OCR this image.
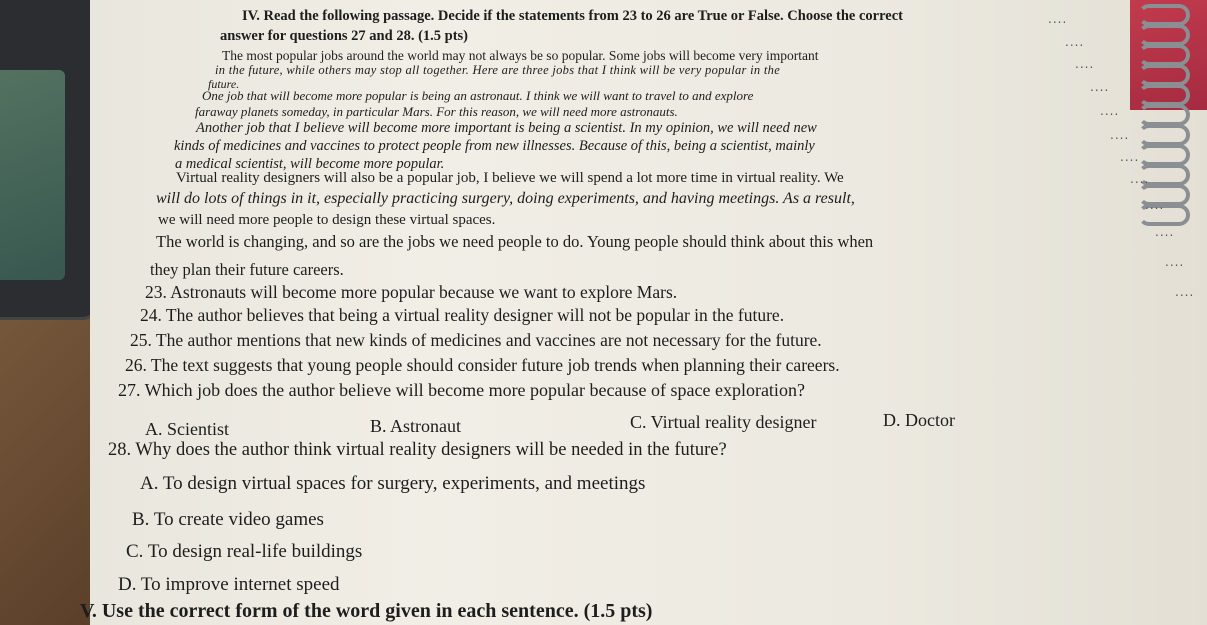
IV. Read the following passage. Decide if the statements from 23 to 26 are True or False. Choose the correct
answer for questions 27 and 28. (1.5 pts)
The most popular jobs around the world may not always be so popular. Some jobs will become very important
in the future, while others may stop all together. Here are three jobs that I think will be very popular in the
future.
One job that will become more popular is being an astronaut. I think we will want to travel to and explore
faraway planets someday, in particular Mars. For this reason, we will need more astronauts.
Another job that I believe will become more important is being a scientist. In my opinion, we will need new
kinds of medicines and vaccines to protect people from new illnesses. Because of this, being a scientist, mainly
a medical scientist, will become more popular.
Virtual reality designers will also be a popular job, I believe we will spend a lot more time in virtual reality. We
will do lots of things in it, especially practicing surgery, doing experiments, and having meetings. As a result,
we will need more people to design these virtual spaces.
The world is changing, and so are the jobs we need people to do. Young people should think about this when
they plan their future careers.
23. Astronauts will become more popular because we want to explore Mars.
24. The author believes that being a virtual reality designer will not be popular in the future.
25. The author mentions that new kinds of medicines and vaccines are not necessary for the future.
26. The text suggests that young people should consider future job trends when planning their careers.
27. Which job does the author believe will become more popular because of space exploration?
A. Scientist	B. Astronaut	C. Virtual reality designer	D. Doctor
28. Why does the author think virtual reality designers will be needed in the future?
A. To design virtual spaces for surgery, experiments, and meetings
B. To create video games
C. To design real-life buildings
D. To improve internet speed
V. Use the correct form of the word given in each sentence. (1.5 pts)
....
....
....
....
....
....
....
....
....
....
....
....
